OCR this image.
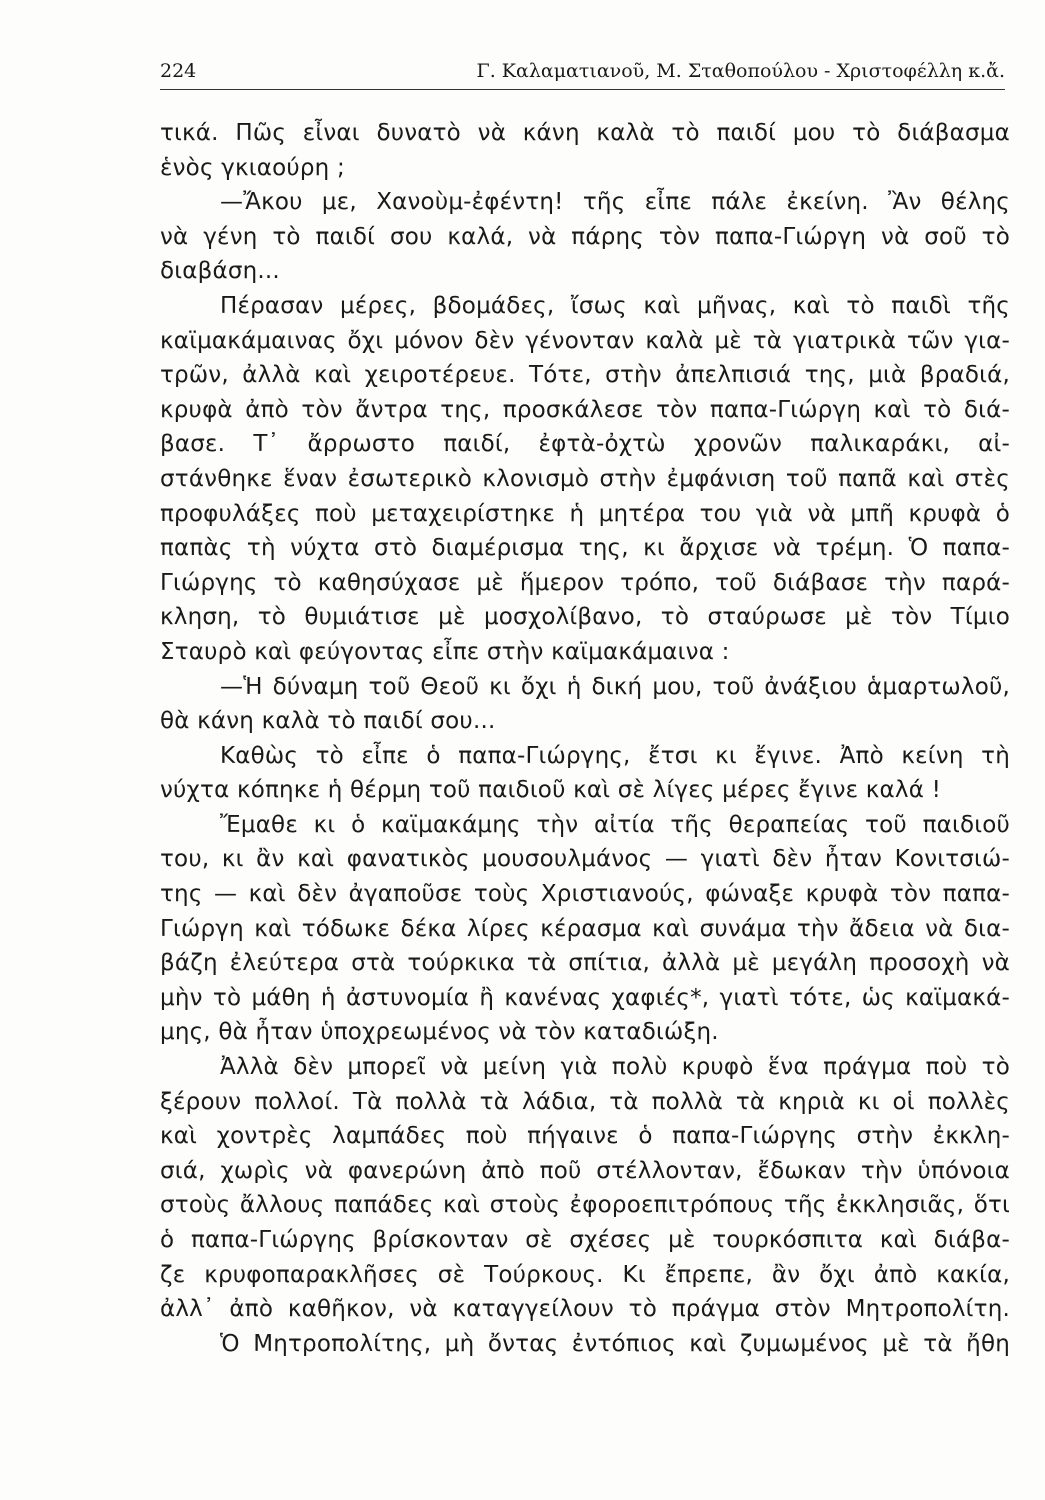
224	Γ. Καλαματιανοῦ, Μ. Σταθοπούλου - Χριστοφέλλη κ.ἄ.
τικά. Πῶς εἶναι δυνατὸ νὰ κάνη καλὰ τὸ παιδί μου τὸ διάβασμα
ἑνὸς γκιαούρη ;
—Ἄκου με, Χανοὺμ-ἐφέντη! τῆς εἶπε πάλε ἐκείνη. Ἂν θέλης
νὰ γένη τὸ παιδί σου καλά, νὰ πάρης τὸν παπα-Γιώργη νὰ σοῦ τὸ
διαβάση...
Πέρασαν μέρες, βδομάδες, ἴσως καὶ μῆνας, καὶ τὸ παιδὶ τῆς
καϊμακάμαινας ὄχι μόνον δὲν γένονταν καλὰ μὲ τὰ γιατρικὰ τῶν για-
τρῶν, ἀλλὰ καὶ χειροτέρευε. Τότε, στὴν ἀπελπισιά της, μιὰ βραδιά,
κρυφὰ ἀπὸ τὸν ἄντρα της, προσκάλεσε τὸν παπα-Γιώργη καὶ τὸ διά-
βασε. Τ᾽ ἄρρωστο παιδί, ἐφτὰ-ὀχτὼ χρονῶν παλικαράκι, αἰ-
στάνθηκε ἕναν ἐσωτερικὸ κλονισμὸ στὴν ἐμφάνιση τοῦ παπᾶ καὶ στὲς
προφυλάξες ποὺ μεταχειρίστηκε ἡ μητέρα του γιὰ νὰ μπῆ κρυφὰ ὁ
παπὰς τὴ νύχτα στὸ διαμέρισμα της, κι ἄρχισε νὰ τρέμη. Ὁ παπα-
Γιώργης τὸ καθησύχασε μὲ ἥμερον τρόπο, τοῦ διάβασε τὴν παρά-
κληση, τὸ θυμιάτισε μὲ μοσχολίβανο, τὸ σταύρωσε μὲ τὸν Τίμιο
Σταυρὸ καὶ φεύγοντας εἶπε στὴν καϊμακάμαινα :
—Ἡ δύναμη τοῦ Θεοῦ κι ὄχι ἡ δική μου, τοῦ ἀνάξιου ἁμαρτωλοῦ,
θὰ κάνη καλὰ τὸ παιδί σου...
Καθὼς τὸ εἶπε ὁ παπα-Γιώργης, ἔτσι κι ἔγινε. Ἀπὸ κείνη τὴ
νύχτα κόπηκε ἡ θέρμη τοῦ παιδιοῦ καὶ σὲ λίγες μέρες ἔγινε καλά !
Ἔμαθε κι ὁ καϊμακάμης τὴν αἰτία τῆς θεραπείας τοῦ παιδιοῦ
του, κι ἂν καὶ φανατικὸς μουσουλμάνος — γιατὶ δὲν ἦταν Κονιτσιώ-
της — καὶ δὲν ἀγαποῦσε τοὺς Χριστιανούς, φώναξε κρυφὰ τὸν παπα-
Γιώργη καὶ τόδωκε δέκα λίρες κέρασμα καὶ συνάμα τὴν ἄδεια νὰ δια-
βάζη ἐλεύτερα στὰ τούρκικα τὰ σπίτια, ἀλλὰ μὲ μεγάλη προσοχὴ νὰ
μὴν τὸ μάθη ἡ ἀστυνομία ἢ κανένας χαφιές*, γιατὶ τότε, ὡς καϊμακά-
μης, θὰ ἦταν ὑποχρεωμένος νὰ τὸν καταδιώξη.
Ἀλλὰ δὲν μπορεῖ νὰ μείνη γιὰ πολὺ κρυφὸ ἕνα πράγμα ποὺ τὸ
ξέρουν πολλοί. Τὰ πολλὰ τὰ λάδια, τὰ πολλὰ τὰ κηριὰ κι οἱ πολλὲς
καὶ χοντρὲς λαμπάδες ποὺ πήγαινε ὁ παπα-Γιώργης στὴν ἐκκλη-
σιά, χωρὶς νὰ φανερώνη ἀπὸ ποῦ στέλλονταν, ἔδωκαν τὴν ὑπόνοια
στοὺς ἄλλους παπάδες καὶ στοὺς ἐφοροεπιτρόπους τῆς ἐκκλησιᾶς, ὅτι
ὁ παπα-Γιώργης βρίσκονταν σὲ σχέσες μὲ τουρκόσπιτα καὶ διάβα-
ζε κρυφοπαρακλῆσες σὲ Τούρκους. Κι ἔπρεπε, ἂν ὄχι ἀπὸ κακία,
ἀλλ᾽ ἀπὸ καθῆκον, νὰ καταγγείλουν τὸ πράγμα στὸν Μητροπολίτη.
Ὁ Μητροπολίτης, μὴ ὄντας ἐντόπιος καὶ ζυμωμένος μὲ τὰ ἤθη
